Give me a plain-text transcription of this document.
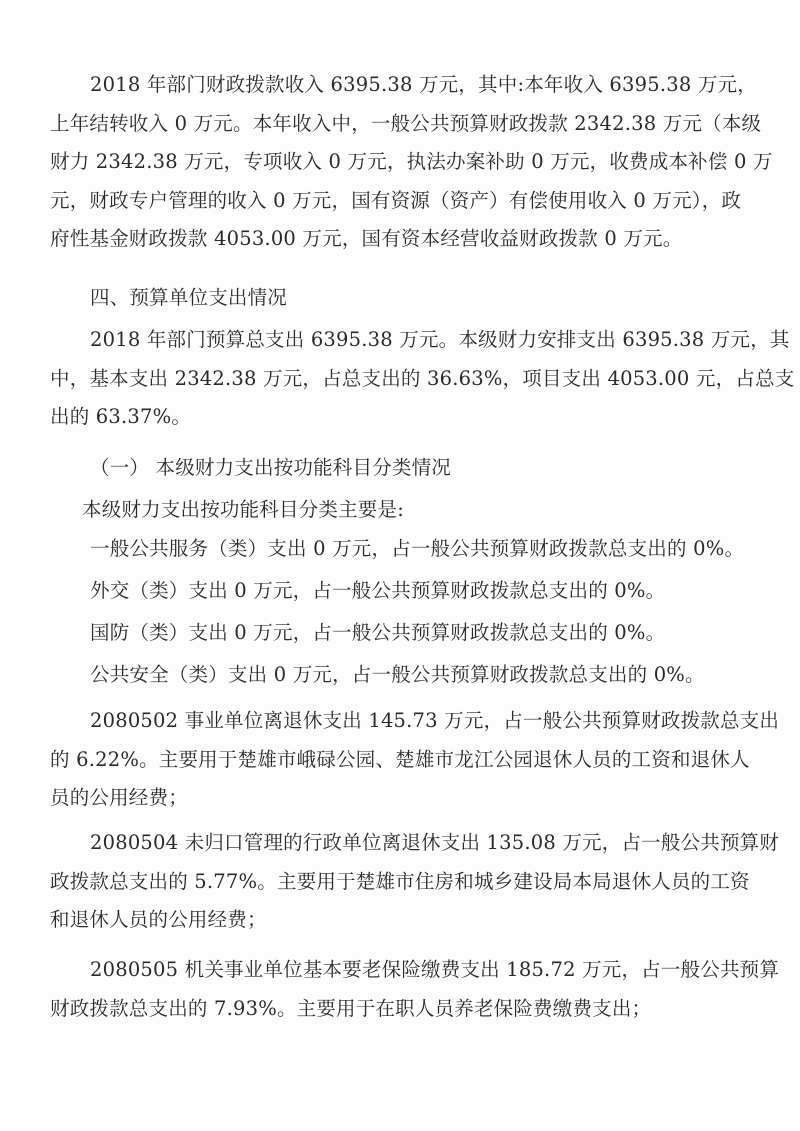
2018 年部门财政拨款收入 6395.38 万元，其中:本年收入 6395.38 万元，
上年结转收入 0 万元。本年收入中，一般公共预算财政拨款 2342.38 万元（本级
财力 2342.38 万元，专项收入 0 万元，执法办案补助 0 万元，收费成本补偿 0 万
元，财政专户管理的收入 0 万元，国有资源（资产）有偿使用收入 0 万元），政
府性基金财政拨款 4053.00 万元，国有资本经营收益财政拨款 0 万元。
四、预算单位支出情况
2018 年部门预算总支出 6395.38 万元。本级财力安排支出 6395.38 万元，其
中，基本支出 2342.38 万元，占总支出的 36.63%，项目支出 4053.00 元，占总支
出的 63.37%。
（一） 本级财力支出按功能科目分类情况
本级财力支出按功能科目分类主要是:
一般公共服务（类）支出 0 万元，占一般公共预算财政拨款总支出的 0%。
外交（类）支出 0 万元，占一般公共预算财政拨款总支出的 0%。
国防（类）支出 0 万元，占一般公共预算财政拨款总支出的 0%。
公共安全（类）支出 0 万元，占一般公共预算财政拨款总支出的 0%。
2080502 事业单位离退休支出 145.73 万元，占一般公共预算财政拨款总支出
的 6.22%。主要用于楚雄市峨碌公园、楚雄市龙江公园退休人员的工资和退休人
员的公用经费；
2080504 未归口管理的行政单位离退休支出 135.08 万元，占一般公共预算财
政拨款总支出的 5.77%。主要用于楚雄市住房和城乡建设局本局退休人员的工资
和退休人员的公用经费；
2080505 机关事业单位基本要老保险缴费支出 185.72 万元，占一般公共预算
财政拨款总支出的 7.93%。主要用于在职人员养老保险费缴费支出；
